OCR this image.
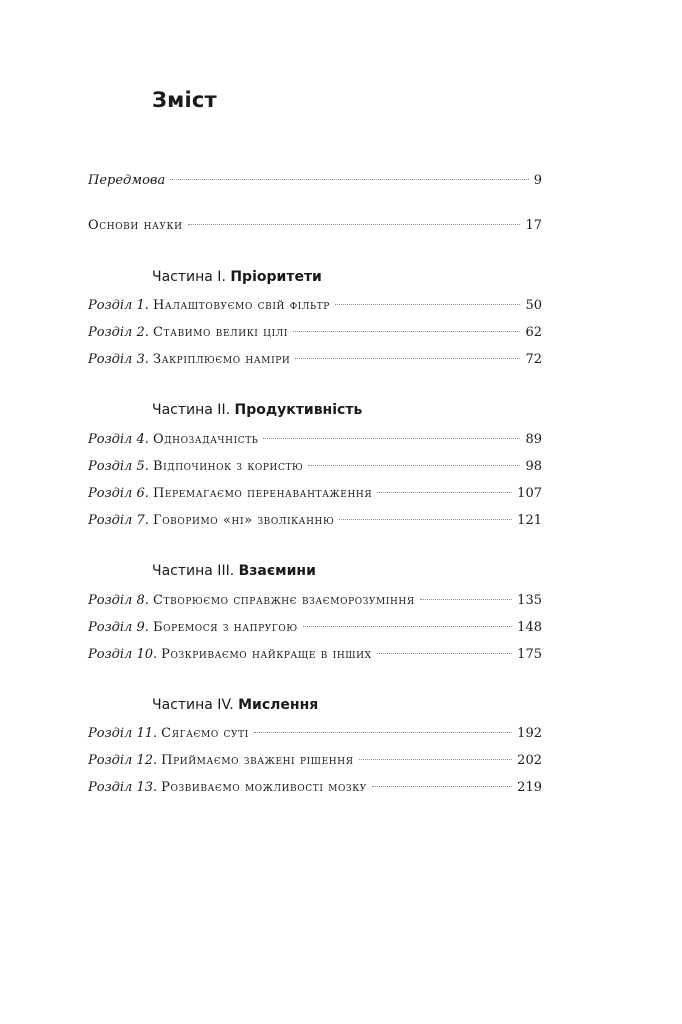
Зміст
Передмова	9
Основи науки	17
Частина I. Пріоритети
Розділ 1. Налаштовуємо свій фільтр	50
Розділ 2. Ставимо великі цілі	62
Розділ 3. Закріплюємо наміри	72
Частина II. Продуктивність
Розділ 4. Однозадачність	89
Розділ 5. Відпочинок з користю	98
Розділ 6. Перемагаємо перенавантаження	107
Розділ 7. Говоримо «ні» зволіканню	121
Частина III. Взаємини
Розділ 8. Створюємо справжнє взаєморозуміння	135
Розділ 9. Боремося з напругою	148
Розділ 10. Розкриваємо найкраще в інших	175
Частина IV. Мислення
Розділ 11. Сягаємо суті	192
Розділ 12. Приймаємо зважені рішення	202
Розділ 13. Розвиваємо можливості мозку	219
